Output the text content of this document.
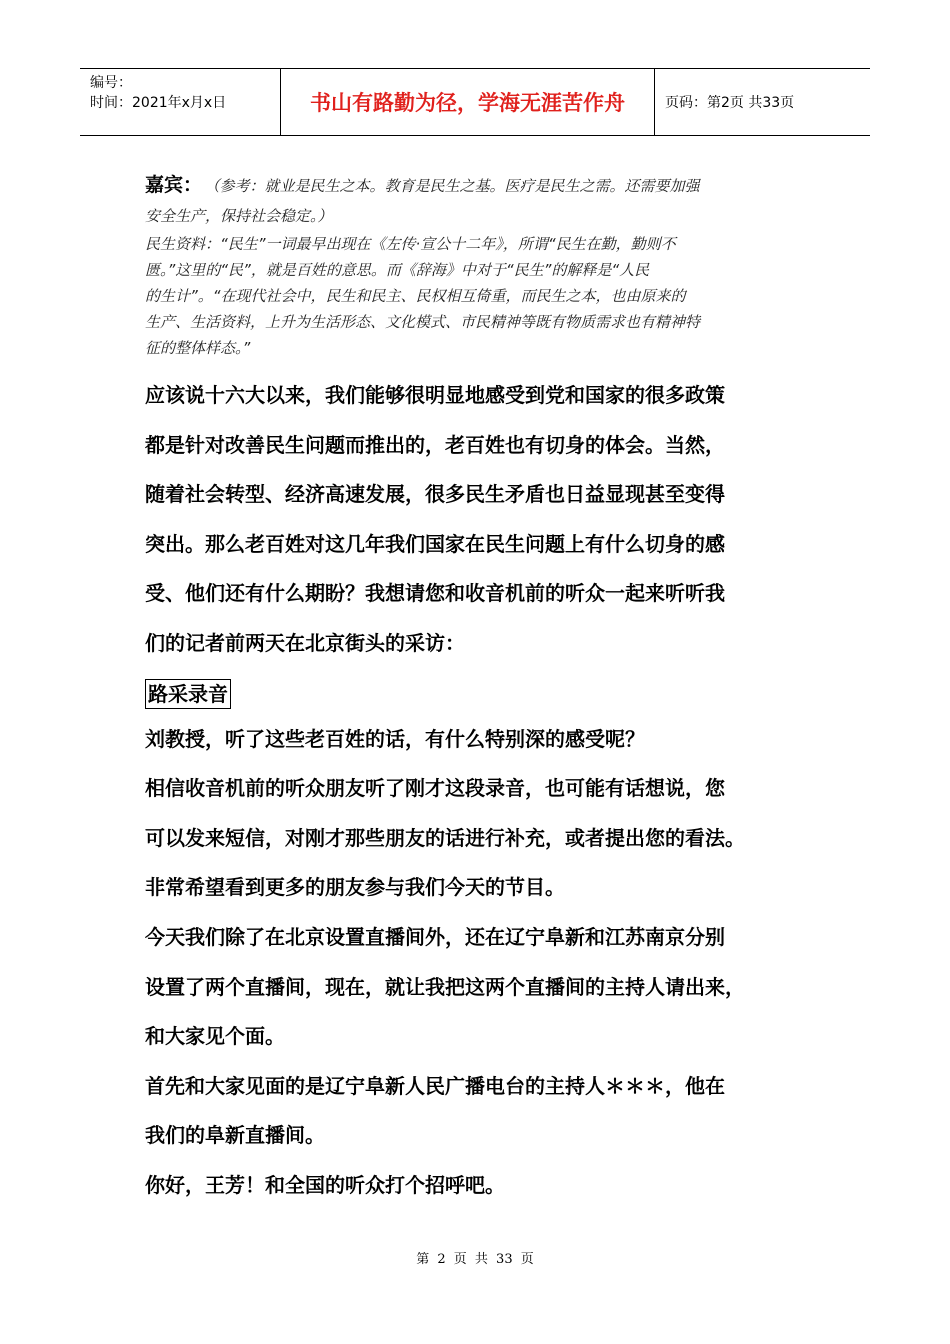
编号：
时间：2021年x月x日	书山有路勤为径，学海无涯苦作舟	页码：第2页 共33页
嘉宾： （参考：就业是民生之本。教育是民生之基。医疗是民生之需。还需要加强
安全生产，保持社会稳定。）
民生资料：“民生”一词最早出现在《左传·宣公十二年》，所谓“民生在勤，勤则不
匮。”这里的“民”，就是百姓的意思。而《辞海》中对于“民生”的解释是“人民
的生计”。“在现代社会中，民生和民主、民权相互倚重，而民生之本，也由原来的
生产、生活资料，上升为生活形态、文化模式、市民精神等既有物质需求也有精神特
征的整体样态。”

应该说十六大以来，我们能够很明显地感受到党和国家的很多政策

都是针对改善民生问题而推出的，老百姓也有切身的体会。当然，

随着社会转型、经济高速发展，很多民生矛盾也日益显现甚至变得

突出。那么老百姓对这几年我们国家在民生问题上有什么切身的感

受、他们还有什么期盼？我想请您和收音机前的听众一起来听听我

们的记者前两天在北京街头的采访：

路采录音

刘教授，听了这些老百姓的话，有什么特别深的感受呢？

相信收音机前的听众朋友听了刚才这段录音，也可能有话想说，您

可以发来短信，对刚才那些朋友的话进行补充，或者提出您的看法。

非常希望看到更多的朋友参与我们今天的节目。

今天我们除了在北京设置直播间外，还在辽宁阜新和江苏南京分别

设置了两个直播间，现在，就让我把这两个直播间的主持人请出来，

和大家见个面。

首先和大家见面的是辽宁阜新人民广播电台的主持人＊＊＊，他在

我们的阜新直播间。

你好，王芳！和全国的听众打个招呼吧。

第 2 页 共 33 页
